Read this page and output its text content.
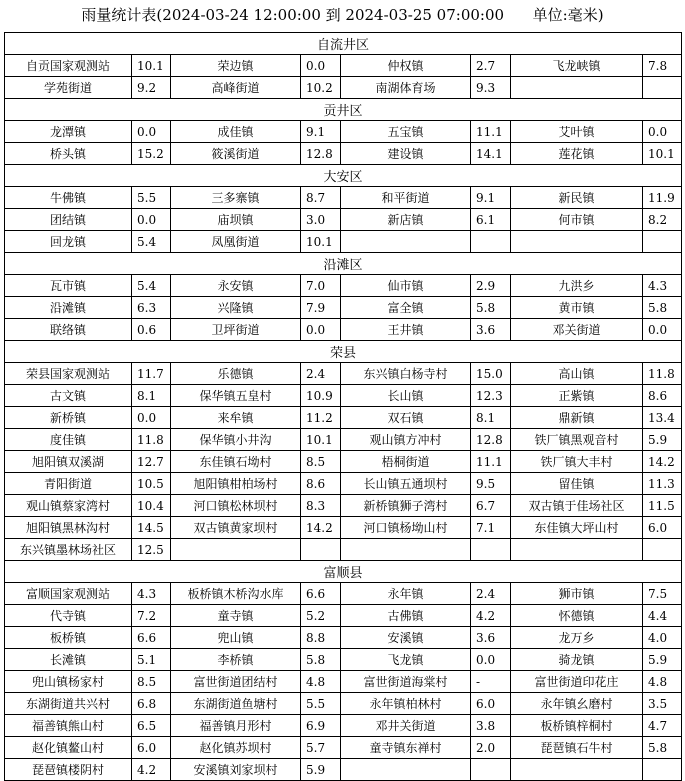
雨量统计表(2024-03-24 12:00:00 到 2024-03-25 07:00:00      单位:毫米)
自流井区							
自贡国家观测站	10.1	荣边镇	0.0	仲权镇	2.7	飞龙峡镇	7.8
学苑街道	9.2	高峰街道	10.2	南湖体育场	9.3		
贡井区							
龙潭镇	0.0	成佳镇	9.1	五宝镇	11.1	艾叶镇	0.0
桥头镇	15.2	筱溪街道	12.8	建设镇	14.1	莲花镇	10.1
大安区							
牛佛镇	5.5	三多寨镇	8.7	和平街道	9.1	新民镇	11.9
团结镇	0.0	庙坝镇	3.0	新店镇	6.1	何市镇	8.2
回龙镇	5.4	凤凰街道	10.1				
沿滩区							
瓦市镇	5.4	永安镇	7.0	仙市镇	2.9	九洪乡	4.3
沿滩镇	6.3	兴隆镇	7.9	富全镇	5.8	黄市镇	5.8
联络镇	0.6	卫坪街道	0.0	王井镇	3.6	邓关街道	0.0
荣县							
荣县国家观测站	11.7	乐德镇	2.4	东兴镇白杨寺村	15.0	高山镇	11.8
古文镇	8.1	保华镇五皇村	10.9	长山镇	12.3	正紫镇	8.6
新桥镇	0.0	来牟镇	11.2	双石镇	8.1	鼎新镇	13.4
度佳镇	11.8	保华镇小井沟	10.1	观山镇方冲村	12.8	铁厂镇黑观音村	5.9
旭阳镇双溪湖	12.7	东佳镇石坳村	8.5	梧桐街道	11.1	铁厂镇大丰村	14.2
青阳街道	10.5	旭阳镇柑柏场村	8.6	长山镇五通坝村	9.5	留佳镇	11.3
观山镇蔡家湾村	10.4	河口镇松林坝村	8.3	新桥镇狮子湾村	6.7	双古镇于佳场社区	11.5
旭阳镇黑林沟村	14.5	双古镇黄家坝村	14.2	河口镇杨坳山村	7.1	东佳镇大坪山村	6.0
东兴镇墨林场社区	12.5						
富顺县							
富顺国家观测站	4.3	板桥镇木桥沟水库	6.6	永年镇	2.4	狮市镇	7.5
代寺镇	7.2	童寺镇	5.2	古佛镇	4.2	怀德镇	4.4
板桥镇	6.6	兜山镇	8.8	安溪镇	3.6	龙万乡	4.0
长滩镇	5.1	李桥镇	5.8	飞龙镇	0.0	骑龙镇	5.9
兜山镇杨家村	8.5	富世街道团结村	4.8	富世街道海棠村	-	富世街道印花庄	4.8
东湖街道共兴村	6.8	东湖街道鱼塘村	5.5	永年镇柏林村	6.0	永年镇幺磨村	3.5
福善镇熊山村	6.5	福善镇月形村	6.9	邓井关街道	3.8	板桥镇梓桐村	4.7
赵化镇鳌山村	6.0	赵化镇苏坝村	5.7	童寺镇东禅村	2.0	琵琶镇石牛村	5.8
琵琶镇楼阴村	4.2	安溪镇刘家坝村	5.9				
